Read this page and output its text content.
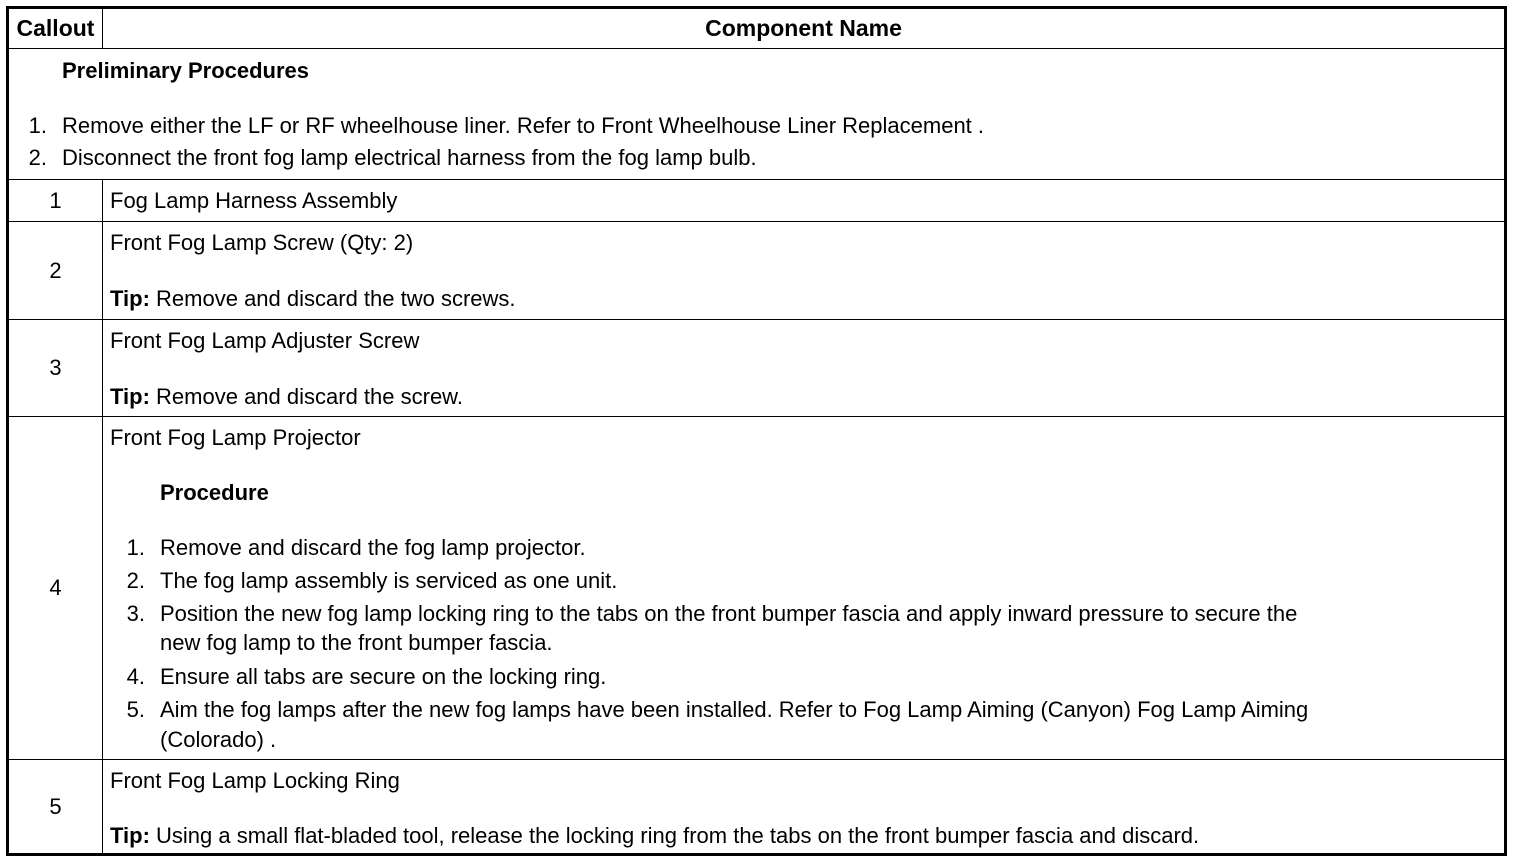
Callout	Component Name
Preliminary Procedures
1. Remove either the LF or RF wheelhouse liner. Refer to Front Wheelhouse Liner Replacement .
2. Disconnect the front fog lamp electrical harness from the fog lamp bulb.
1	Fog Lamp Harness Assembly
2
Front Fog Lamp Screw (Qty: 2)
Tip: Remove and discard the two screws.
3
Front Fog Lamp Adjuster Screw
Tip: Remove and discard the screw.
4
Front Fog Lamp Projector
Procedure
1. Remove and discard the fog lamp projector.
2. The fog lamp assembly is serviced as one unit.
3. Position the new fog lamp locking ring to the tabs on the front bumper fascia and apply inward pressure to secure the
new fog lamp to the front bumper fascia.
4. Ensure all tabs are secure on the locking ring.
5. Aim the fog lamps after the new fog lamps have been installed. Refer to Fog Lamp Aiming (Canyon) Fog Lamp Aiming
(Colorado) .
5
Front Fog Lamp Locking Ring
Tip: Using a small flat-bladed tool, release the locking ring from the tabs on the front bumper fascia and discard.
